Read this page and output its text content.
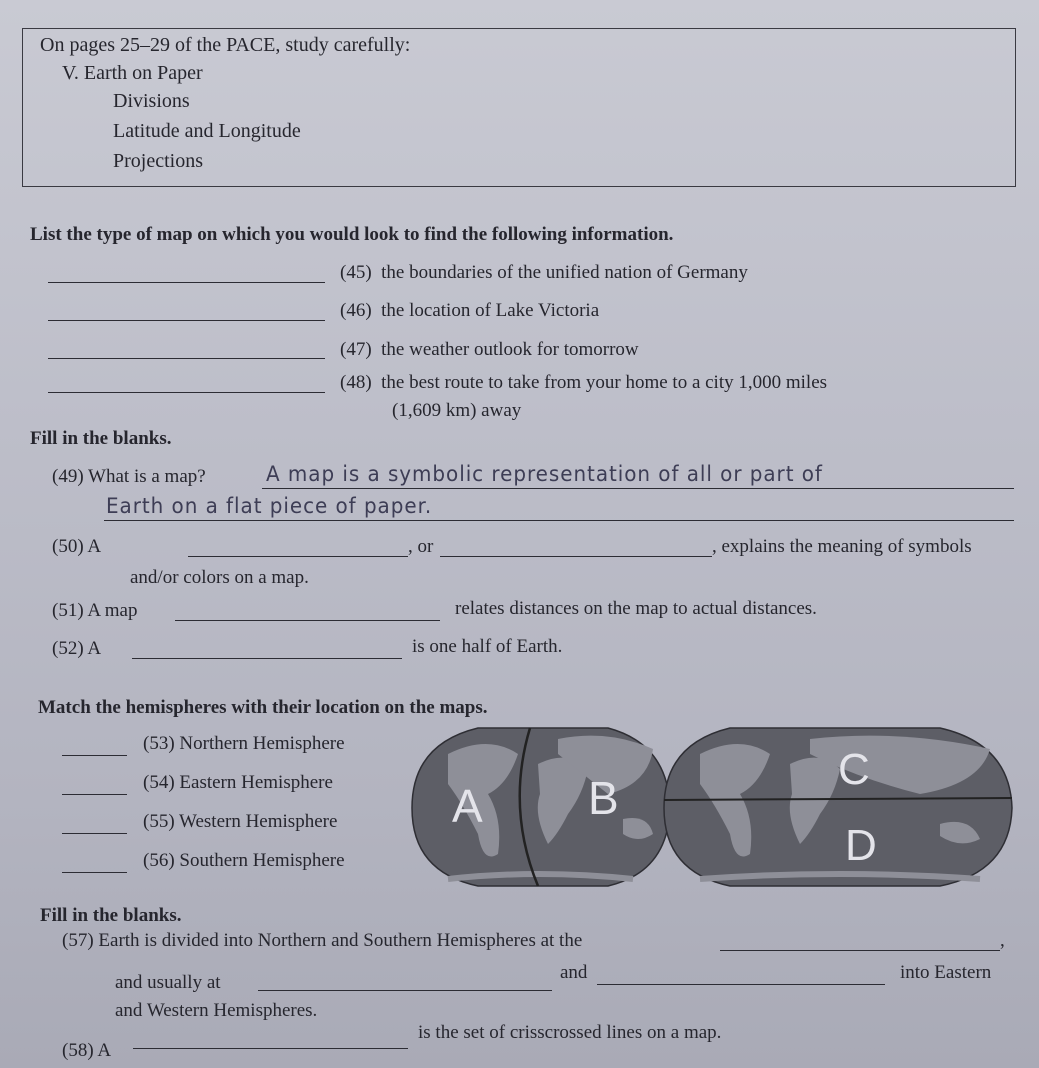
On pages 25–29 of the PACE, study carefully:
V. Earth on Paper
Divisions
Latitude and Longitude
Projections
List the type of map on which you would look to find the following information.
(45) the boundaries of the unified nation of Germany
(46) the location of Lake Victoria
(47) the weather outlook for tomorrow
(48) the best route to take from your home to a city 1,000 miles
(1,609 km) away
Fill in the blanks.
(49) What is a map?	A map is a symbolic representation of all or part of
Earth on a flat piece of paper.
(50) A	, or	, explains the meaning of symbols
and/or colors on a map.
(51) A map	relates distances on the map to actual distances.
(52) A	is one half of Earth.
Match the hemispheres with their location on the maps.
(53) Northern Hemisphere
(54) Eastern Hemisphere
(55) Western Hemisphere
(56) Southern Hemisphere
A B
C
D
Fill in the blanks.
(57) Earth is divided into Northern and Southern Hemispheres at the	,
and usually at	and	into Eastern
and Western Hemispheres.
(58) A
is the set of crisscrossed lines on a map.
